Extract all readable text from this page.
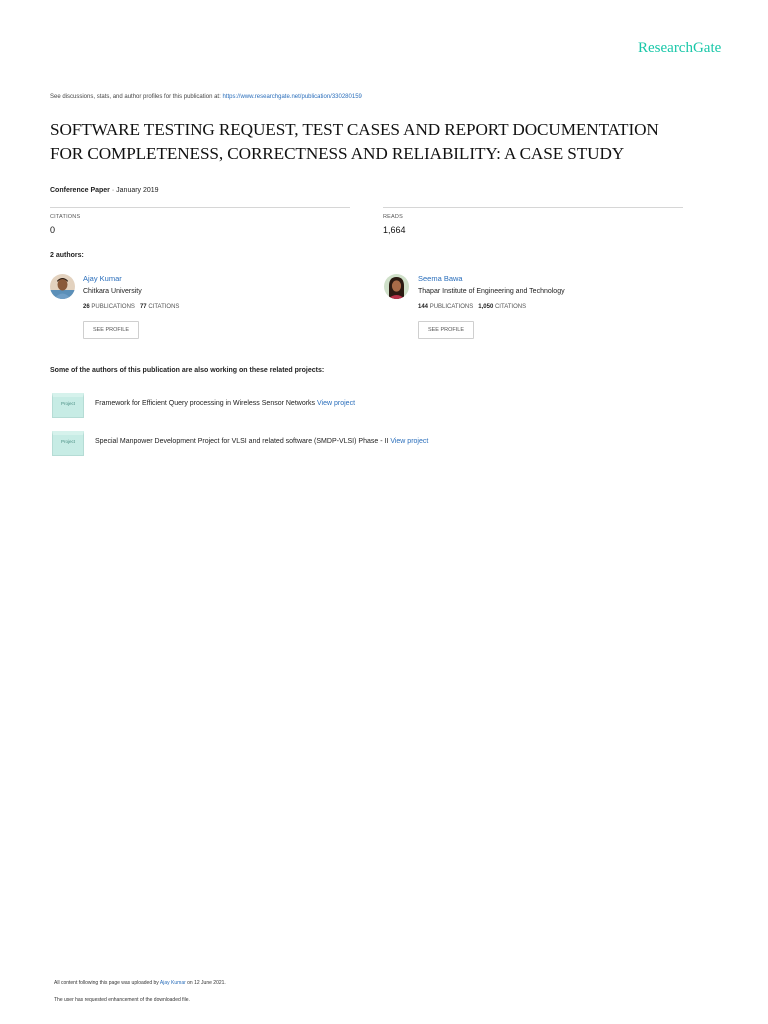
ResearchGate
See discussions, stats, and author profiles for this publication at: https://www.researchgate.net/publication/330280159
SOFTWARE TESTING REQUEST, TEST CASES AND REPORT DOCUMENTATION
FOR COMPLETENESS, CORRECTNESS AND RELIABILITY: A CASE STUDY
Conference Paper · January 2019
CITATIONS
0
READS
1,664
2 authors:
Ajay Kumar
Chitkara University
26 PUBLICATIONS 77 CITATIONS
SEE PROFILE
Seema Bawa
Thapar Institute of Engineering and Technology
144 PUBLICATIONS 1,050 CITATIONS
SEE PROFILE
Some of the authors of this publication are also working on these related projects:
Project	Framework for Efficient Query processing in Wireless Sensor Networks View project
Project	Special Manpower Development Project for VLSI and related software (SMDP-VLSI) Phase - II View project
All content following this page was uploaded by Ajay Kumar on 12 June 2021.
The user has requested enhancement of the downloaded file.
